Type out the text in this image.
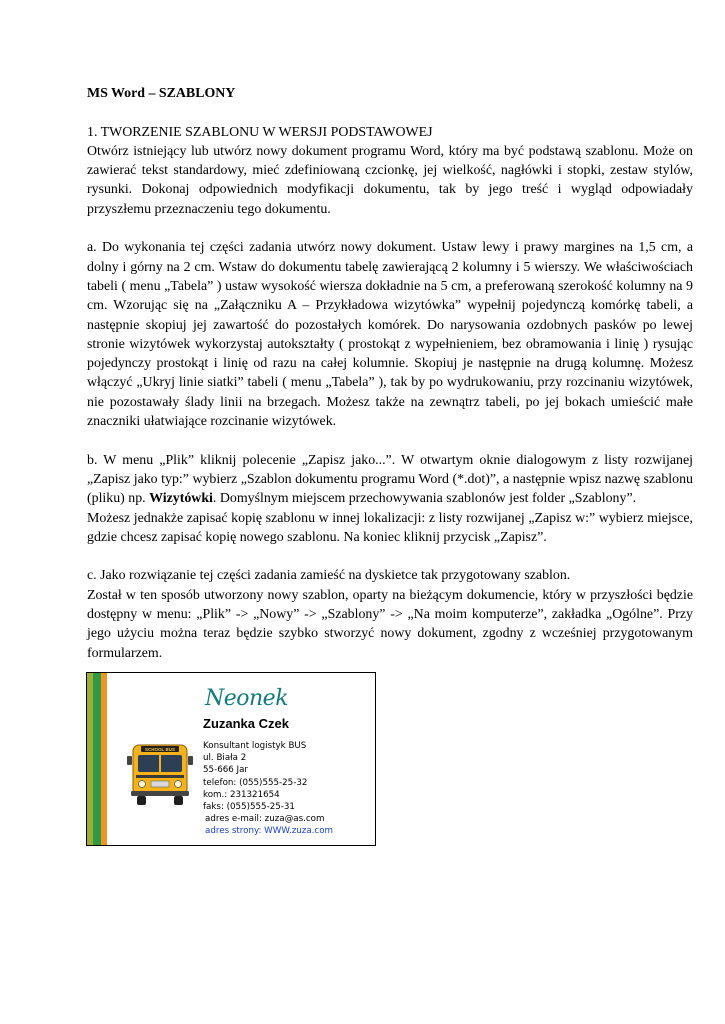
MS Word – SZABLONY

1. TWORZENIE SZABLONU W WERSJI PODSTAWOWEJ

Otwórz istniejący lub utwórz nowy dokument programu Word, który ma być podstawą szablonu. Może on zawierać tekst standardowy, mieć zdefiniowaną czcionkę, jej wielkość, nagłówki i stopki, zestaw stylów, rysunki. Dokonaj odpowiednich modyfikacji dokumentu, tak by jego treść i wygląd odpowiadały przyszłemu przeznaczeniu tego dokumentu.

a. Do wykonania tej części zadania utwórz nowy dokument. Ustaw lewy i prawy margines na 1,5 cm, a dolny i górny na 2 cm. Wstaw do dokumentu tabelę zawierającą 2 kolumny i 5 wierszy. We właściwościach tabeli ( menu „Tabela” ) ustaw wysokość wiersza dokładnie na 5 cm, a preferowaną szerokość kolumny na 9 cm. Wzorując się na „Załączniku A – Przykładowa wizytówka” wypełnij pojedynczą komórkę tabeli, a następnie skopiuj jej zawartość do pozostałych komórek. Do narysowania ozdobnych pasków po lewej stronie wizytówek wykorzystaj autokształty ( prostokąt z wypełnieniem, bez obramowania i linię ) rysując pojedynczy prostokąt i linię od razu na całej kolumnie. Skopiuj je następnie na drugą kolumnę. Możesz włączyć „Ukryj linie siatki” tabeli ( menu „Tabela” ), tak by po wydrukowaniu, przy rozcinaniu wizytówek, nie pozostawały ślady linii na brzegach. Możesz także na zewnątrz tabeli, po jej bokach umieścić małe znaczniki ułatwiające rozcinanie wizytówek.

b. W menu „Plik” kliknij polecenie „Zapisz jako...”. W otwartym oknie dialogowym z listy rozwijanej „Zapisz jako typ:” wybierz „Szablon dokumentu programu Word (*.dot)”, a następnie wpisz nazwę szablonu (pliku) np. Wizytówki. Domyślnym miejscem przechowywania szablonów jest folder „Szablony”.

Możesz jednakże zapisać kopię szablonu w innej lokalizacji: z listy rozwijanej „Zapisz w:” wybierz miejsce, gdzie chcesz zapisać kopię nowego szablonu. Na koniec kliknij przycisk „Zapisz”.

c. Jako rozwiązanie tej części zadania zamieść na dyskietce tak przygotowany szablon.

Został w ten sposób utworzony nowy szablon, oparty na bieżącym dokumencie, który w przyszłości będzie dostępny w menu: „Plik” -> „Nowy” -> „Szablony” -> „Na moim komputerze”, zakładka „Ogólne”. Przy jego użyciu można teraz będzie szybko stworzyć nowy dokument, zgodny z wcześniej przygotowanym formularzem.

SCHOOL BUS
Neonek
Zuzanka Czek
Konsultant logistyk BUS
ul. Biała 2
55-666 Jar
telefon: (055)555-25-32
kom.: 231321654
faks: (055)555-25-31
adres e-mail: zuza@as.com
adres strony: WWW.zuza.com
